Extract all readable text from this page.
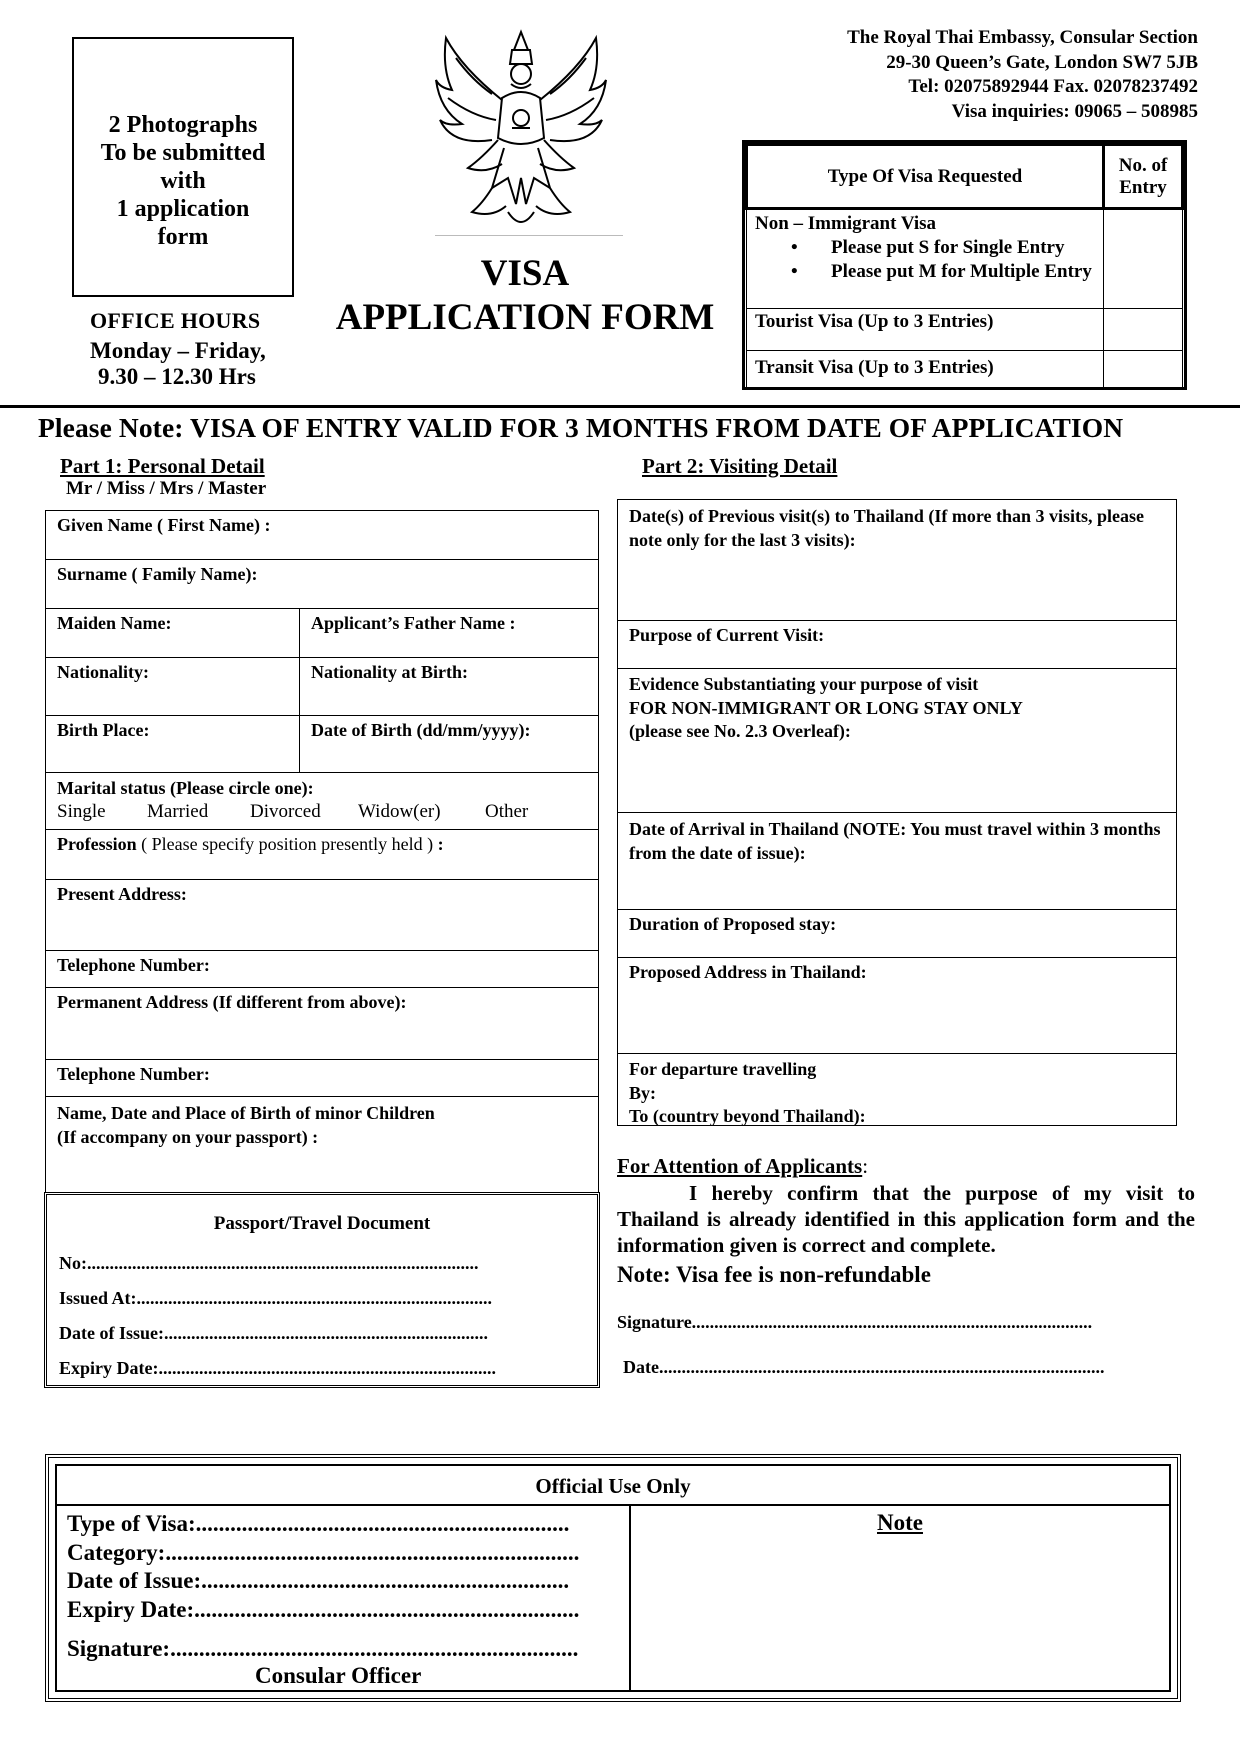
2 Photographs
To be submitted
with
1 application
form
OFFICE HOURS
Monday – Friday,
9.30 – 12.30 Hrs
VISA
APPLICATION FORM
The Royal Thai Embassy, Consular Section
29-30 Queen’s Gate, London SW7 5JB
Tel: 02075892944 Fax. 02078237492
Visa inquiries: 09065 – 508985
Type Of Visa Requested	No. of
Entry

Non – Immigrant Visa
• Please put S for Single Entry
• Please put M for Multiple Entry	

Tourist Visa (Up to 3 Entries)	
Transit Visa (Up to 3 Entries)	
Please Note: VISA OF ENTRY VALID FOR 3 MONTHS FROM DATE OF APPLICATION
Part 1: Personal Detail
Mr / Miss / Mrs / Master
Given Name ( First Name) :
Surname ( Family Name):
Maiden Name:	Applicant’s Father Name :
Nationality:	Nationality at Birth:
Birth Place:	Date of Birth (dd/mm/yyyy):
Marital status (Please circle one):
Single	Married	Divorced	Widow(er)	Other
Profession ( Please specify position presently held ) :
Present Address:
Telephone Number:
Permanent Address (If different from above):
Telephone Number:
Name, Date and Place of Birth of minor Children
(If accompany on your passport) :
Passport/Travel Document
No:.......................................................................................
Issued At:...............................................................................
Date of Issue:........................................................................
Expiry Date:...........................................................................
Part 2: Visiting Detail
Date(s) of Previous visit(s) to Thailand (If more than 3 visits, please note only for the last 3 visits):
Purpose of Current Visit:
Evidence Substantiating your purpose of visit
FOR NON-IMMIGRANT OR LONG STAY ONLY
(please see No. 2.3 Overleaf):
Date of Arrival in Thailand (NOTE: You must travel within 3 months from the date of issue):
Duration of Proposed stay:
Proposed Address in Thailand:
For departure travelling
By:
To (country beyond Thailand):
For Attention of Applicants:
I hereby confirm that the purpose of my visit to Thailand is already identified in this application form and the information given is correct and complete.
Note: Visa fee is non-refundable
Signature.........................................................................................
Date...................................................................................................
Official Use Only
Type of Visa:.................................................................
Category:........................................................................
Date of Issue:................................................................
Expiry Date:...................................................................
Signature:.......................................................................
Consular Officer
Note
